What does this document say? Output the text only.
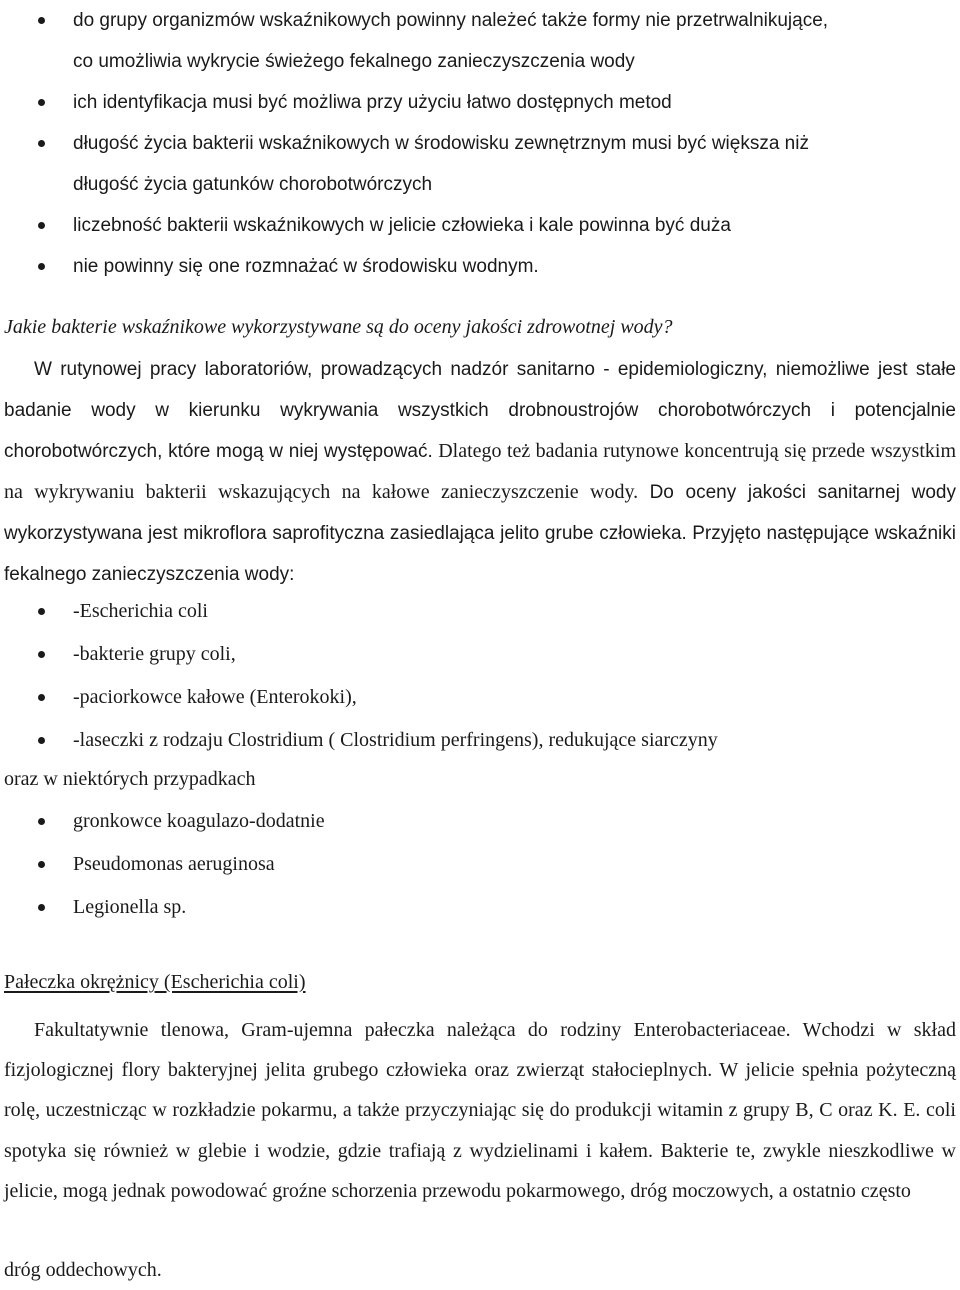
do grupy organizmów wskaźnikowych powinny należeć także formy nie przetrwalnikujące,
co umożliwia wykrycie świeżego fekalnego zanieczyszczenia wody
ich identyfikacja musi być możliwa przy użyciu łatwo dostępnych metod
długość życia bakterii wskaźnikowych w środowisku zewnętrznym musi być większa niż
długość życia gatunków chorobotwórczych
liczebność bakterii wskaźnikowych w jelicie człowieka i kale powinna być duża
nie powinny się one rozmnażać w środowisku wodnym.
Jakie bakterie wskaźnikowe wykorzystywane są do oceny jakości zdrowotnej wody?

W rutynowej pracy laboratoriów, prowadzących nadzór sanitarno - epidemiologiczny, niemożliwe jest stałe badanie wody w kierunku wykrywania wszystkich drobnoustrojów chorobotwórczych i potencjalnie chorobotwórczych, które mogą w niej występować. Dlatego też badania rutynowe koncentrują się przede wszystkim na wykrywaniu bakterii wskazujących na kałowe zanieczyszczenie wody. Do oceny jakości sanitarnej wody wykorzystywana jest mikroflora saprofityczna zasiedlająca jelito grube człowieka. Przyjęto następujące wskaźniki fekalnego zanieczyszczenia wody:

-Escherichia coli
-bakterie grupy coli,
-paciorkowce kałowe (Enterokoki),
-laseczki z rodzaju Clostridium ( Clostridium perfringens), redukujące siarczyny
oraz w niektórych przypadkach
gronkowce koagulazo-dodatnie
Pseudomonas aeruginosa
Legionella sp.
Pałeczka okrężnicy (Escherichia coli)

Fakultatywnie tlenowa, Gram-ujemna pałeczka należąca do rodziny Enterobacteriaceae. Wchodzi w skład fizjologicznej flory bakteryjnej jelita grubego człowieka oraz zwierząt stałocieplnych. W jelicie spełnia pożyteczną rolę, uczestnicząc w rozkładzie pokarmu, a także przyczyniając się do produkcji witamin z grupy B, C oraz K. E. coli spotyka się również w glebie i wodzie, gdzie trafiają z wydzielinami i kałem. Bakterie te, zwykle nieszkodliwe w jelicie, mogą jednak powodować groźne schorzenia przewodu pokarmowego, dróg moczowych, a ostatnio często

dróg oddechowych.
